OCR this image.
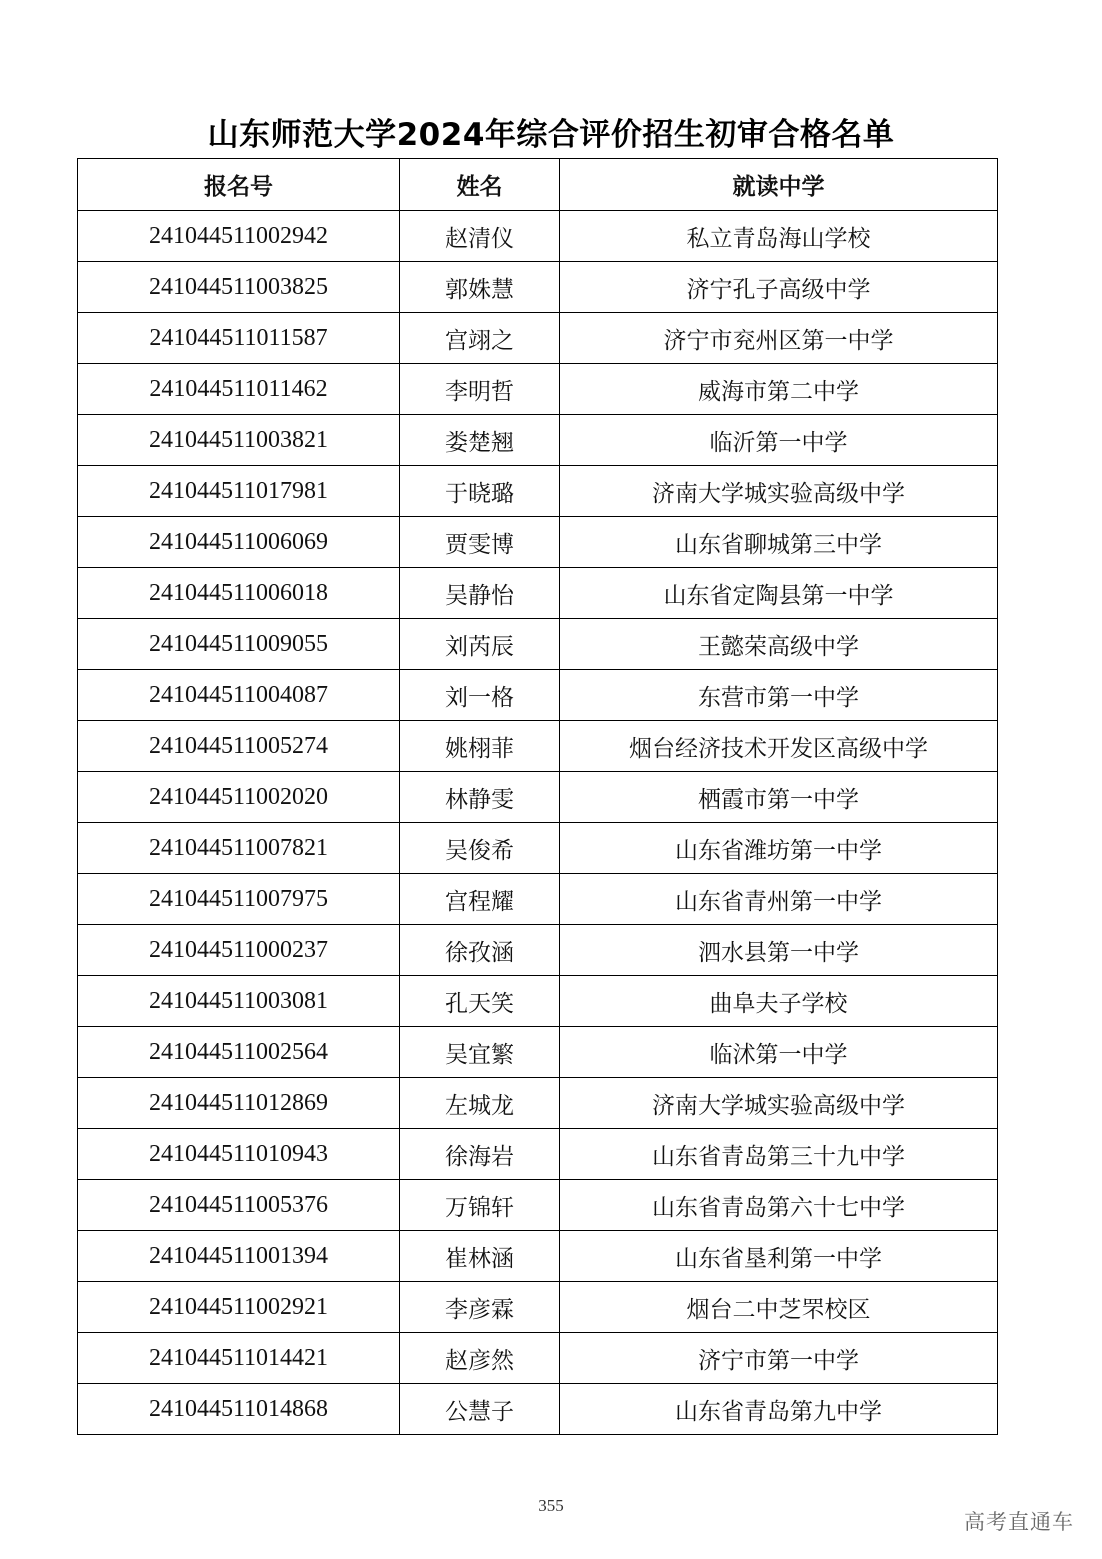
山东师范大学2024年综合评价招生初审合格名单
报名号	姓名	就读中学
241044511002942	赵清仪	私立青岛海山学校
241044511003825	郭姝慧	济宁孔子高级中学
241044511011587	宫翊之	济宁市兖州区第一中学
241044511011462	李明哲	威海市第二中学
241044511003821	娄楚翘	临沂第一中学
241044511017981	于晓璐	济南大学城实验高级中学
241044511006069	贾雯博	山东省聊城第三中学
241044511006018	吴静怡	山东省定陶县第一中学
241044511009055	刘芮辰	王懿荣高级中学
241044511004087	刘一格	东营市第一中学
241044511005274	姚栩菲	烟台经济技术开发区高级中学
241044511002020	林静雯	栖霞市第一中学
241044511007821	吴俊希	山东省潍坊第一中学
241044511007975	宫程耀	山东省青州第一中学
241044511000237	徐孜涵	泗水县第一中学
241044511003081	孔天笑	曲阜夫子学校
241044511002564	吴宜繁	临沭第一中学
241044511012869	左城龙	济南大学城实验高级中学
241044511010943	徐海岩	山东省青岛第三十九中学
241044511005376	万锦轩	山东省青岛第六十七中学
241044511001394	崔林涵	山东省垦利第一中学
241044511002921	李彦霖	烟台二中芝罘校区
241044511014421	赵彦然	济宁市第一中学
241044511014868	公慧子	山东省青岛第九中学
355
高考直通车
